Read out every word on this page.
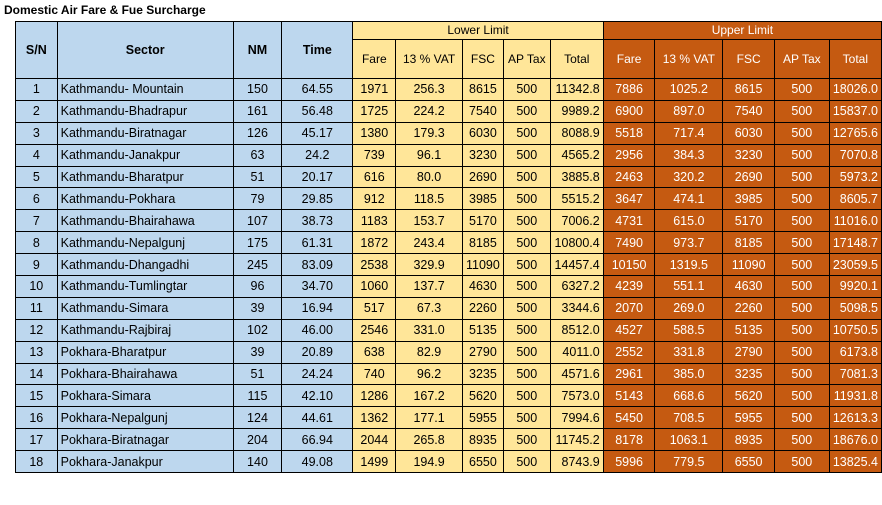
Domestic Air Fare & Fue Surcharge
S/N	Sector	NM	Time	Lower Limit					Upper Limit				
				Fare	13 % VAT	FSC	AP Tax	Total	Fare	13 % VAT	FSC	AP Tax	Total
1	Kathmandu- Mountain	150	64.55	1971	256.3	8615	500	11342.8	7886	1025.2	8615	500	18026.0
2	Kathmandu-Bhadrapur	161	56.48	1725	224.2	7540	500	9989.2	6900	897.0	7540	500	15837.0
3	Kathmandu-Biratnagar	126	45.17	1380	179.3	6030	500	8088.9	5518	717.4	6030	500	12765.6
4	Kathmandu-Janakpur	63	24.2	739	96.1	3230	500	4565.2	2956	384.3	3230	500	7070.8
5	Kathmandu-Bharatpur	51	20.17	616	80.0	2690	500	3885.8	2463	320.2	2690	500	5973.2
6	Kathmandu-Pokhara	79	29.85	912	118.5	3985	500	5515.2	3647	474.1	3985	500	8605.7
7	Kathmandu-Bhairahawa	107	38.73	1183	153.7	5170	500	7006.2	4731	615.0	5170	500	11016.0
8	Kathmandu-Nepalgunj	175	61.31	1872	243.4	8185	500	10800.4	7490	973.7	8185	500	17148.7
9	Kathmandu-Dhangadhi	245	83.09	2538	329.9	11090	500	14457.4	10150	1319.5	11090	500	23059.5
10	Kathmandu-Tumlingtar	96	34.70	1060	137.7	4630	500	6327.2	4239	551.1	4630	500	9920.1
11	Kathmandu-Simara	39	16.94	517	67.3	2260	500	3344.6	2070	269.0	2260	500	5098.5
12	Kathmandu-Rajbiraj	102	46.00	2546	331.0	5135	500	8512.0	4527	588.5	5135	500	10750.5
13	Pokhara-Bharatpur	39	20.89	638	82.9	2790	500	4011.0	2552	331.8	2790	500	6173.8
14	Pokhara-Bhairahawa	51	24.24	740	96.2	3235	500	4571.6	2961	385.0	3235	500	7081.3
15	Pokhara-Simara	115	42.10	1286	167.2	5620	500	7573.0	5143	668.6	5620	500	11931.8
16	Pokhara-Nepalgunj	124	44.61	1362	177.1	5955	500	7994.6	5450	708.5	5955	500	12613.3
17	Pokhara-Biratnagar	204	66.94	2044	265.8	8935	500	11745.2	8178	1063.1	8935	500	18676.0
18	Pokhara-Janakpur	140	49.08	1499	194.9	6550	500	8743.9	5996	779.5	6550	500	13825.4
